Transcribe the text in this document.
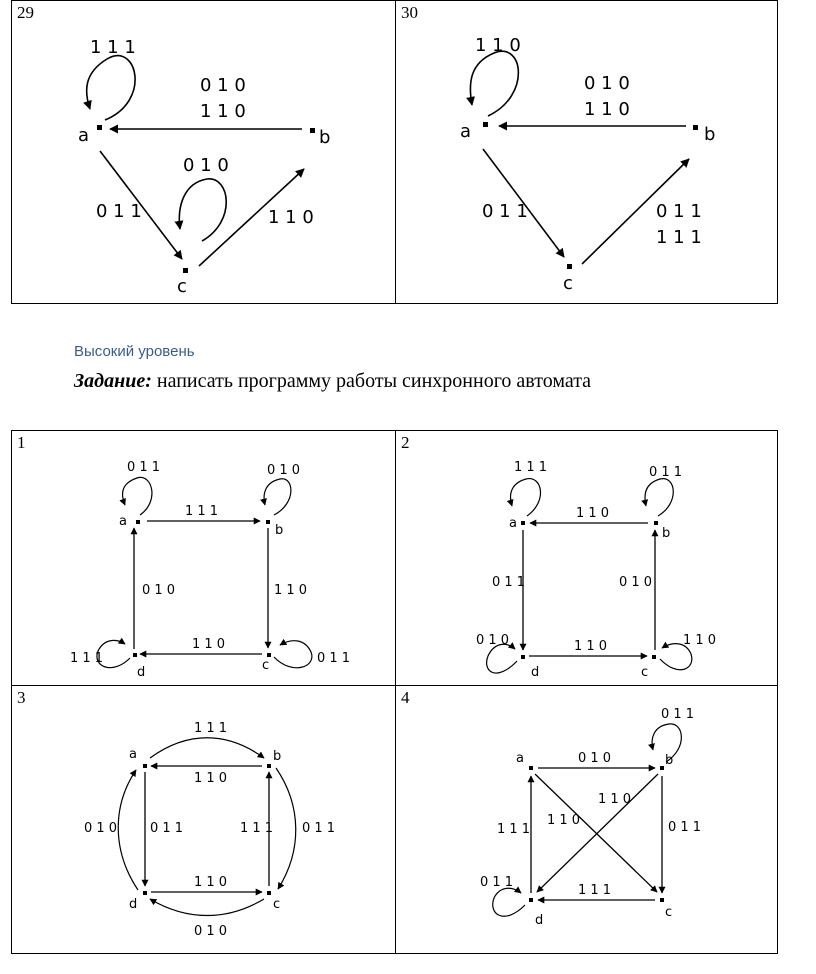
29
a	b
c
1 1 1
0 1 0
1 1 0
0 1 1
0 1 0
1 1 0
30
a	b
c
1 1 0
0 1 0
1 1 0
0 1 1	0 1 1
1 1 1
Высокий уровень
Задание: написать программу работы синхронного автомата
1
a
b
c
d
0 1 1	0 1 0
1 1 1
0 1 0	1 1 0
1 1 0
1 1 1	0 1 1
2
a
b
c
d
1 1 1	0 1 1
1 1 0
0 1 1	0 1 0
1 1 0
0 1 0	1 1 0
3
a	b
c
d
1 1 1
1 1 0
0 1 1
0 1 0	1 1 1 0 1 1
1 1 0
0 1 0
4
a	b
c
d
0 1 0
0 1 1
1 1 0
1 1 0
1 1 1	0 1 1
1 1 1
0 1 1
